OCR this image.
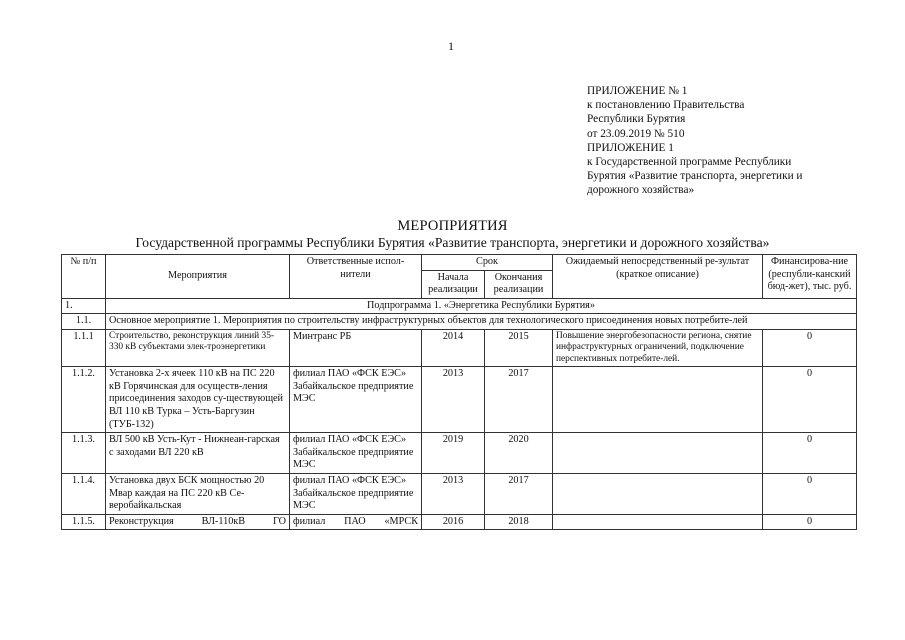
1
ПРИЛОЖЕНИЕ № 1
к постановлению Правительства
Республики Бурятия
от 23.09.2019 № 510
ПРИЛОЖЕНИЕ 1
к Государственной программе Республики
Бурятия «Развитие транспорта, энергетики и
дорожного хозяйства»
МЕРОПРИЯТИЯ
Государственной программы Республики Бурятия «Развитие транспорта, энергетики и дорожного хозяйства»
№ п/п	Мероприятия	Ответственные испол-нители	Срок		Ожидаемый непосредственный ре-зультат (краткое описание)	Финансирова-ние (республи-канский бюд-жет), тыс. руб.
			Начала реализации	Окончания реализации		
1.	Подпрограмма 1. «Энергетика Республики Бурятия»					
1.1.	Основное мероприятие 1. Мероприятия по строительству инфраструктурных объектов для технологического присоединения новых потребите-лей					
1.1.1	Строительство, реконструкция линий 35-330 кВ субъектами элек-троэнергетики	Минтранс РБ	2014	2015	Повышение энергобезопасности региона, снятие инфраструктурных ограничений, подключение перспективных потребите-лей.	0
1.1.2.	Установка 2-х ячеек 110 кВ на ПС 220 кВ Горячинская для осуществ-ления присоединения заходов су-ществующей ВЛ 110 кВ Турка – Усть-Баргузин (ТУБ-132)	филиал ПАО «ФСК ЕЭС» Забайкальское предприятие МЭС	2013	2017		0
1.1.3.	ВЛ 500 кВ Усть-Кут - Нижнеан-гарская с заходами ВЛ 220 кВ	филиал ПАО «ФСК ЕЭС» Забайкальское предприятие МЭС	2019	2020		0
1.1.4.	Установка двух БСК мощностью 20 Мвар каждая на ПС 220 кВ Се-веробайкальская	филиал ПАО «ФСК ЕЭС» Забайкальское предприятие МЭС	2013	2017		0
1.1.5.	Реконструкция ВЛ-110кВ ГО	филиал ПАО «МРСК	2016	2018		0
